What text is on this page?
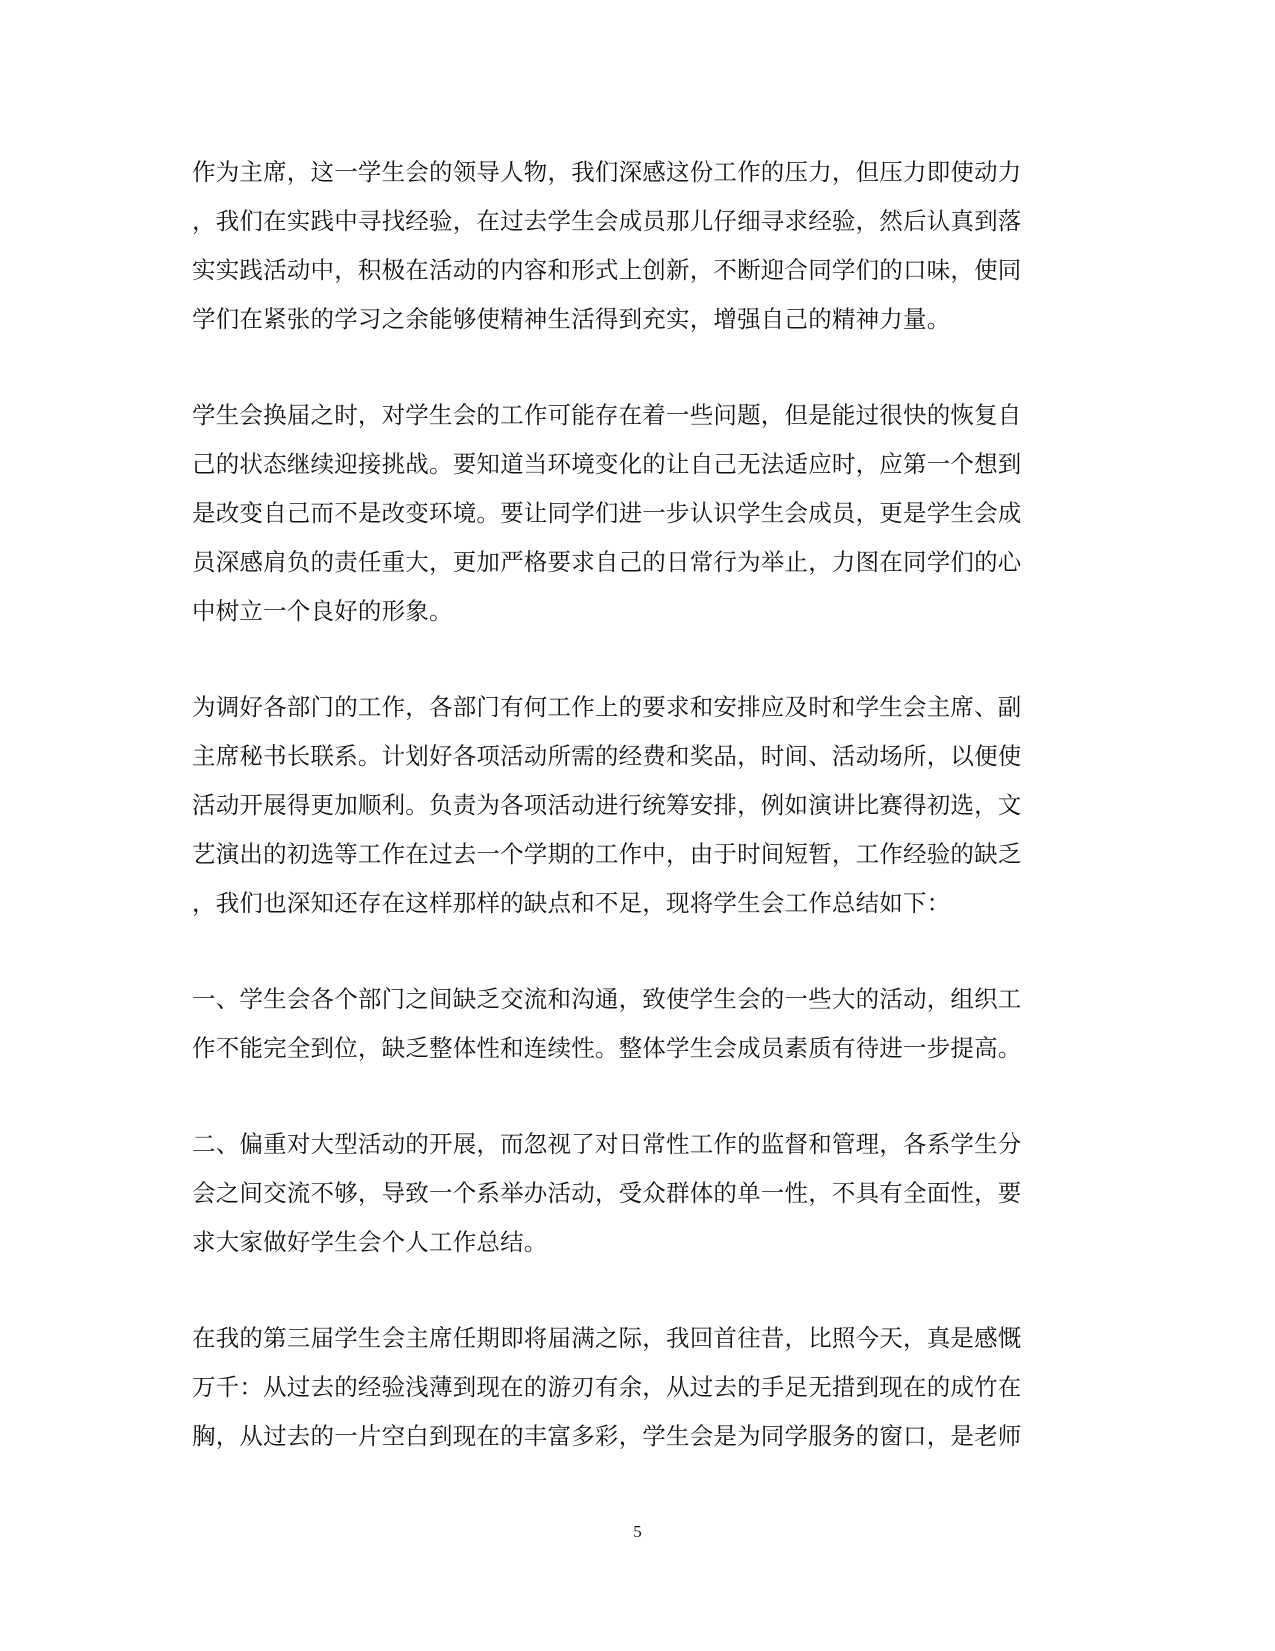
作为主席，这一学生会的领导人物，我们深感这份工作的压力，但压力即使动力
，我们在实践中寻找经验，在过去学生会成员那儿仔细寻求经验，然后认真到落
实实践活动中，积极在活动的内容和形式上创新，不断迎合同学们的口味，使同
学们在紧张的学习之余能够使精神生活得到充实，增强自己的精神力量。

学生会换届之时，对学生会的工作可能存在着一些问题，但是能过很快的恢复自
己的状态继续迎接挑战。要知道当环境变化的让自己无法适应时，应第一个想到
是改变自己而不是改变环境。要让同学们进一步认识学生会成员，更是学生会成
员深感肩负的责任重大，更加严格要求自己的日常行为举止，力图在同学们的心
中树立一个良好的形象。

为调好各部门的工作，各部门有何工作上的要求和安排应及时和学生会主席、副
主席秘书长联系。计划好各项活动所需的经费和奖品，时间、活动场所，以便使
活动开展得更加顺利。负责为各项活动进行统筹安排，例如演讲比赛得初选，文
艺演出的初选等工作在过去一个学期的工作中，由于时间短暂，工作经验的缺乏
，我们也深知还存在这样那样的缺点和不足，现将学生会工作总结如下：

一、学生会各个部门之间缺乏交流和沟通，致使学生会的一些大的活动，组织工
作不能完全到位，缺乏整体性和连续性。整体学生会成员素质有待进一步提高。

二、偏重对大型活动的开展，而忽视了对日常性工作的监督和管理，各系学生分
会之间交流不够，导致一个系举办活动，受众群体的单一性，不具有全面性，要
求大家做好学生会个人工作总结。

在我的第三届学生会主席任期即将届满之际，我回首往昔，比照今天，真是感慨
万千：从过去的经验浅薄到现在的游刃有余，从过去的手足无措到现在的成竹在
胸，从过去的一片空白到现在的丰富多彩，学生会是为同学服务的窗口，是老师

5
